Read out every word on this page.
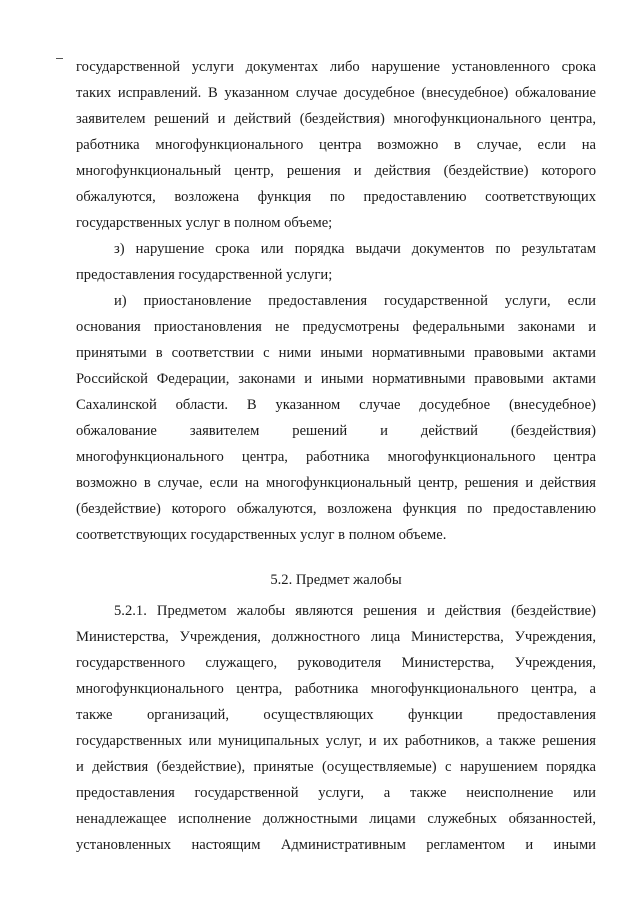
государственной услуги документах либо нарушение установленного срока
таких исправлений. В указанном случае досудебное (внесудебное) обжалование
заявителем решений и действий (бездействия) многофункционального центра,
работника многофункционального центра возможно в случае, если на
многофункциональный центр, решения и действия (бездействие) которого
обжалуются, возложена функция по предоставлению соответствующих
государственных услуг в полном объеме;
з) нарушение срока или порядка выдачи документов по результатам
предоставления государственной услуги;
и) приостановление предоставления государственной услуги, если
основания приостановления не предусмотрены федеральными законами и
принятыми в соответствии с ними иными нормативными правовыми актами
Российской Федерации, законами и иными нормативными правовыми актами
Сахалинской области. В указанном случае досудебное (внесудебное)
обжалование заявителем решений и действий (бездействия)
многофункционального центра, работника многофункционального центра
возможно в случае, если на многофункциональный центр, решения и действия
(бездействие) которого обжалуются, возложена функция по предоставлению
соответствующих государственных услуг в полном объеме.
5.2. Предмет жалобы
5.2.1. Предметом жалобы являются решения и действия (бездействие)
Министерства, Учреждения, должностного лица Министерства, Учреждения,
государственного служащего, руководителя Министерства, Учреждения,
многофункционального центра, работника многофункционального центра, а
также организаций, осуществляющих функции предоставления
государственных или муниципальных услуг, и их работников, а также решения
и действия (бездействие), принятые (осуществляемые) с нарушением порядка
предоставления государственной услуги, а также неисполнение или
ненадлежащее исполнение должностными лицами служебных обязанностей,
установленных настоящим Административным регламентом и иными
